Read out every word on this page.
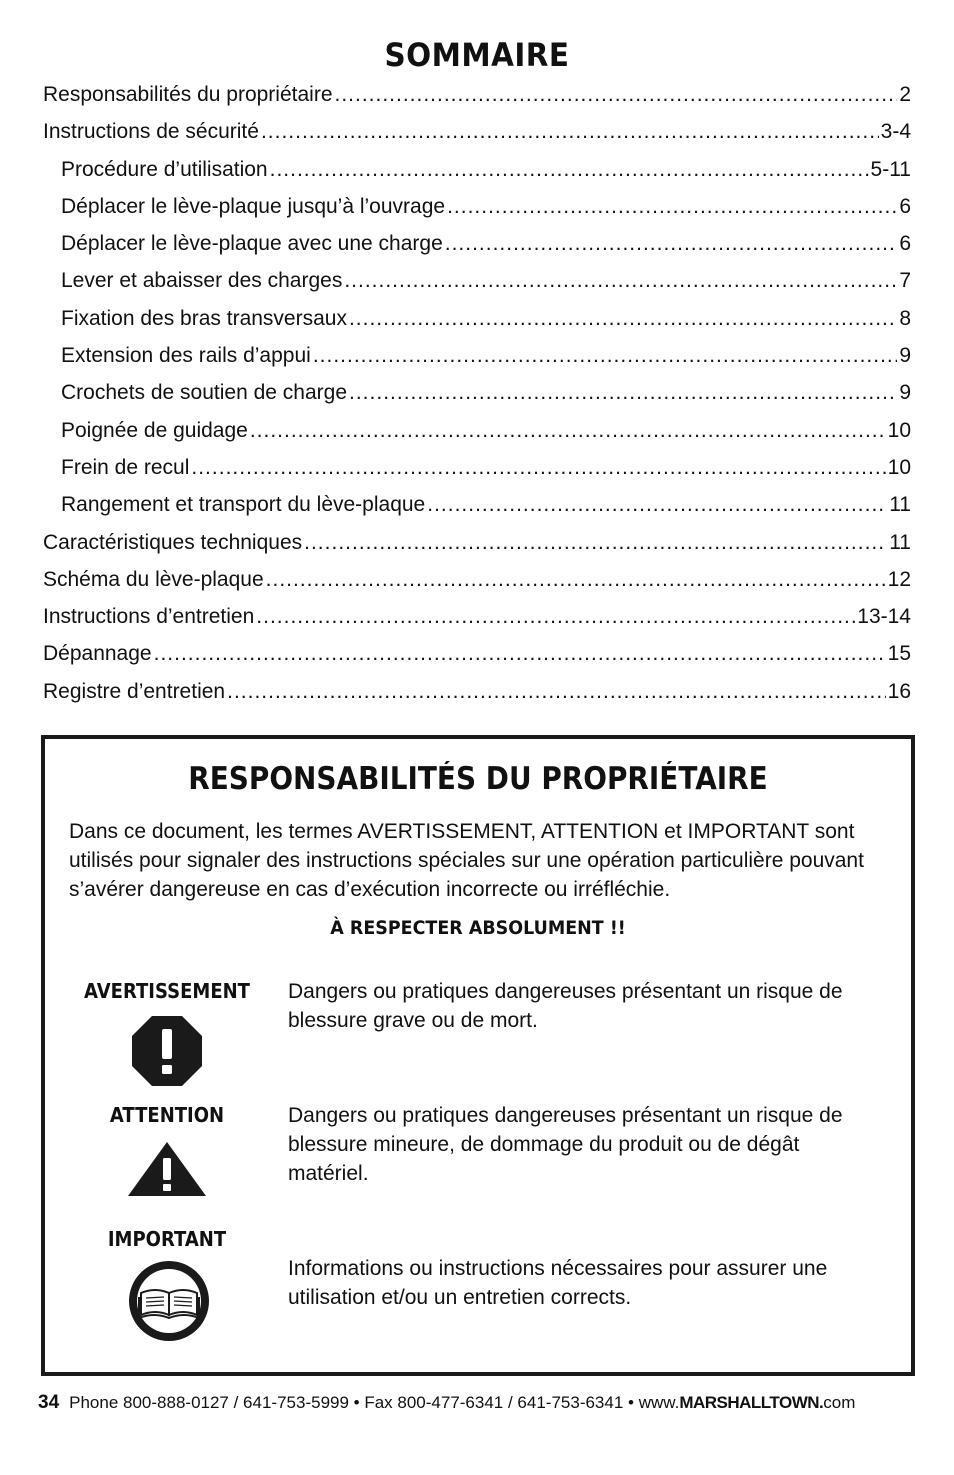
SOMMAIRE
Responsabilités du propriétaire .....	2
Instructions de sécurité .....	3-4
Procédure d’utilisation .....	5-11
Déplacer le lève-plaque jusqu’à l’ouvrage .....	6
Déplacer le lève-plaque avec une charge .....	6
Lever et abaisser des charges .....	7
Fixation des bras transversaux .....	8
Extension des rails d’appui .....	9
Crochets de soutien de charge .....	9
Poignée de guidage .....	10
Frein de recul .....	10
Rangement et transport du lève-plaque .....	11
Caractéristiques techniques .....	11
Schéma du lève-plaque .....	12
Instructions d’entretien .....	13-14
Dépannage .....	15
Registre d’entretien .....	16
RESPONSABILITÉS DU PROPRIÉTAIRE
Dans ce document, les termes AVERTISSEMENT, ATTENTION et IMPORTANT sont utilisés pour signaler des instructions spéciales sur une opération particulière pouvant s’avérer dangereuse en cas d’exécution incorrecte ou irréfléchie.
À RESPECTER ABSOLUMENT !!
AVERTISSEMENT Dangers ou pratiques dangereuses présentant un risque de blessure grave ou de mort.
ATTENTION	Dangers ou pratiques dangereuses présentant un risque de blessure mineure, de dommage du produit ou de dégât matériel.
IMPORTANT
Informations ou instructions nécessaires pour assurer une utilisation et/ou un entretien corrects.
34 Phone 800-888-0127 / 641-753-5999 • Fax 800-477-6341 / 641-753-6341 • www.MARSHALLTOWN.com
